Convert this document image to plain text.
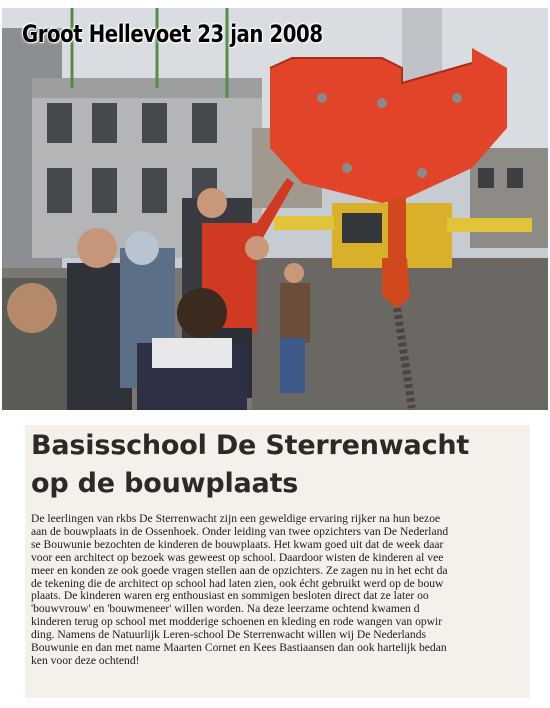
Groot Hellevoet 23 jan 2008
Basisschool De Sterrenwacht
op de bouwplaats
De leerlingen van rkbs De Sterrenwacht zijn een geweldige ervaring rijker na hun bezoe
aan de bouwplaats in de Ossenhoek. Onder leiding van twee opzichters van De Nederland
se Bouwunie bezochten de kinderen de bouwplaats. Het kwam goed uit dat de week daar
voor een architect op bezoek was geweest op school. Daardoor wisten de kinderen al vee
meer en konden ze ook goede vragen stellen aan de opzichters. Ze zagen nu in het echt da
de tekening die de architect op school had laten zien, ook écht gebruikt werd op de bouw
plaats. De kinderen waren erg enthousiast en sommigen besloten direct dat ze later oo
'bouwvrouw' en 'bouwmeneer' willen worden. Na deze leerzame ochtend kwamen d
kinderen terug op school met modderige schoenen en kleding en rode wangen van opwir
ding. Namens de Natuurlijk Leren-school De Sterrenwacht willen wij De Nederlands
Bouwunie en dan met name Maarten Cornet en Kees Bastiaansen dan ook hartelijk bedan
ken voor deze ochtend!
